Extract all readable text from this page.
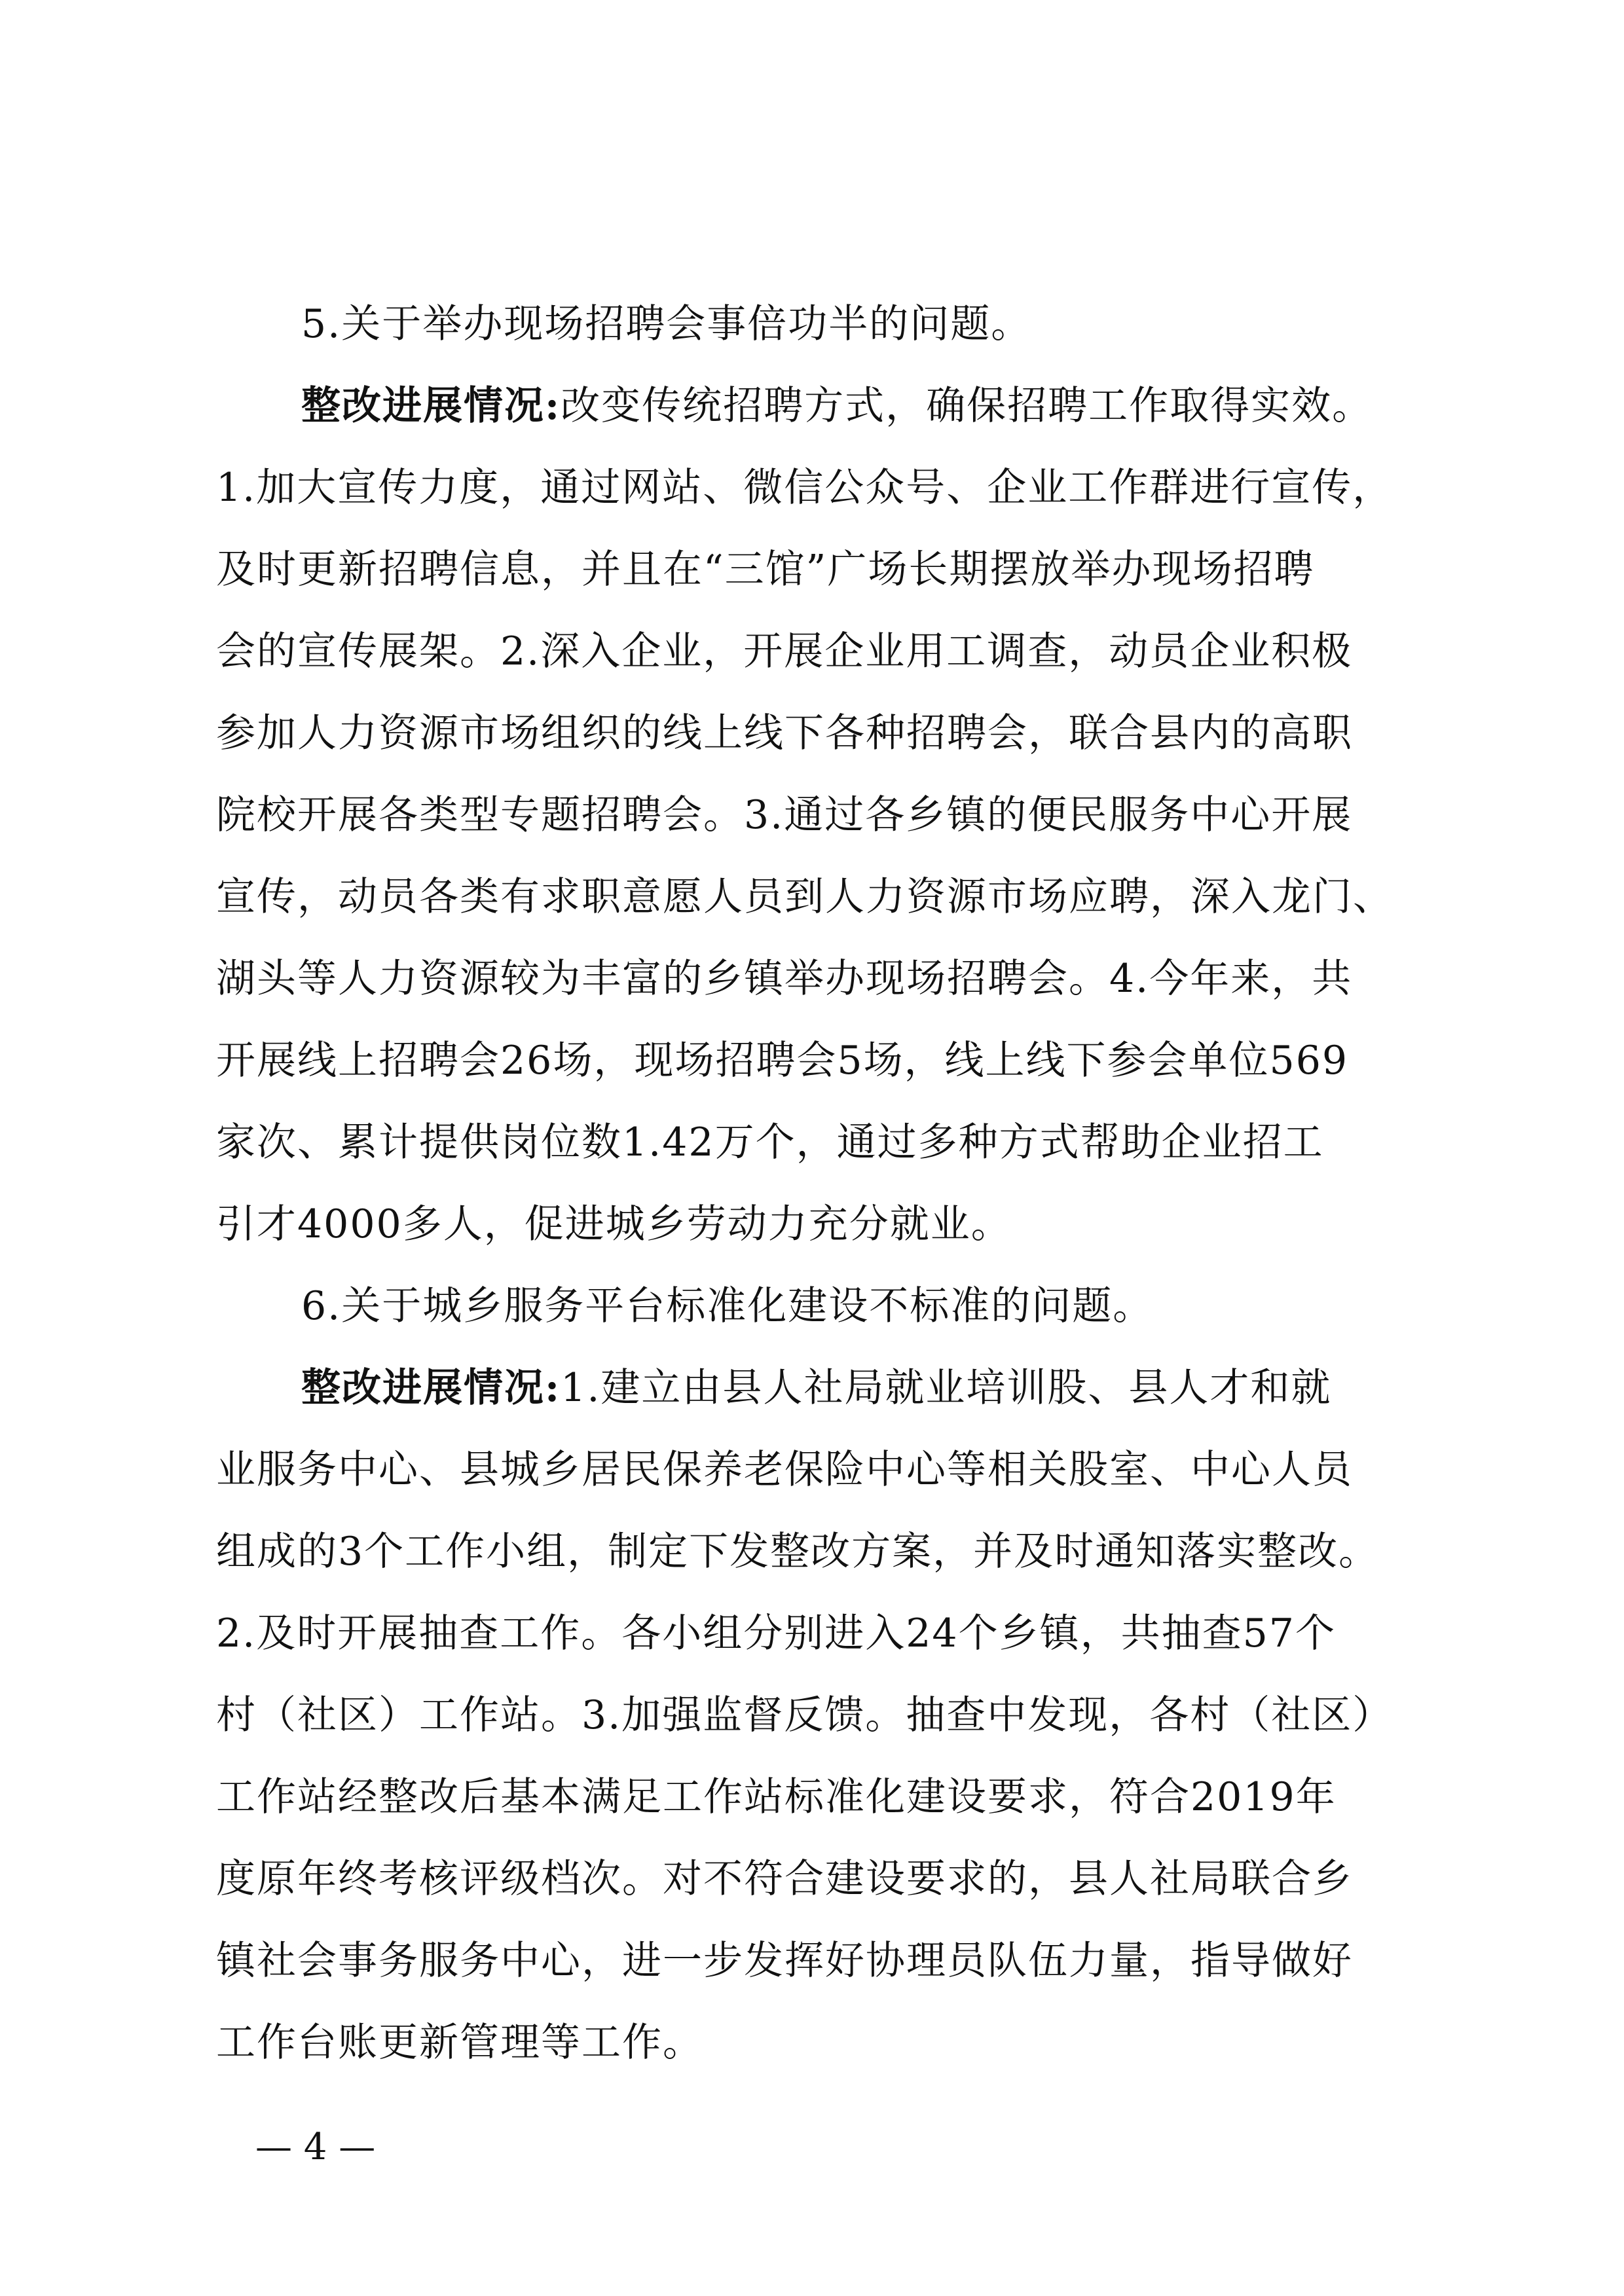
5.关于举办现场招聘会事倍功半的问题。
整改进展情况:改变传统招聘方式，确保招聘工作取得实效。
1.加大宣传力度，通过网站、微信公众号、企业工作群进行宣传，
及时更新招聘信息，并且在“三馆”广场长期摆放举办现场招聘
会的宣传展架。2.深入企业，开展企业用工调查，动员企业积极
参加人力资源市场组织的线上线下各种招聘会，联合县内的高职
院校开展各类型专题招聘会。3.通过各乡镇的便民服务中心开展
宣传，动员各类有求职意愿人员到人力资源市场应聘，深入龙门、
湖头等人力资源较为丰富的乡镇举办现场招聘会。4.今年来，共
开展线上招聘会26场，现场招聘会5场，线上线下参会单位569
家次、累计提供岗位数1.42万个，通过多种方式帮助企业招工
引才4000多人，促进城乡劳动力充分就业。
6.关于城乡服务平台标准化建设不标准的问题。
整改进展情况:1.建立由县人社局就业培训股、县人才和就
业服务中心、县城乡居民保养老保险中心等相关股室、中心人员
组成的3个工作小组，制定下发整改方案，并及时通知落实整改。
2.及时开展抽查工作。各小组分别进入24个乡镇，共抽查57个
村（社区）工作站。3.加强监督反馈。抽查中发现，各村（社区）
工作站经整改后基本满足工作站标准化建设要求，符合2019年
度原年终考核评级档次。对不符合建设要求的，县人社局联合乡
镇社会事务服务中心，进一步发挥好协理员队伍力量，指导做好
工作台账更新管理等工作。
— 4 —
